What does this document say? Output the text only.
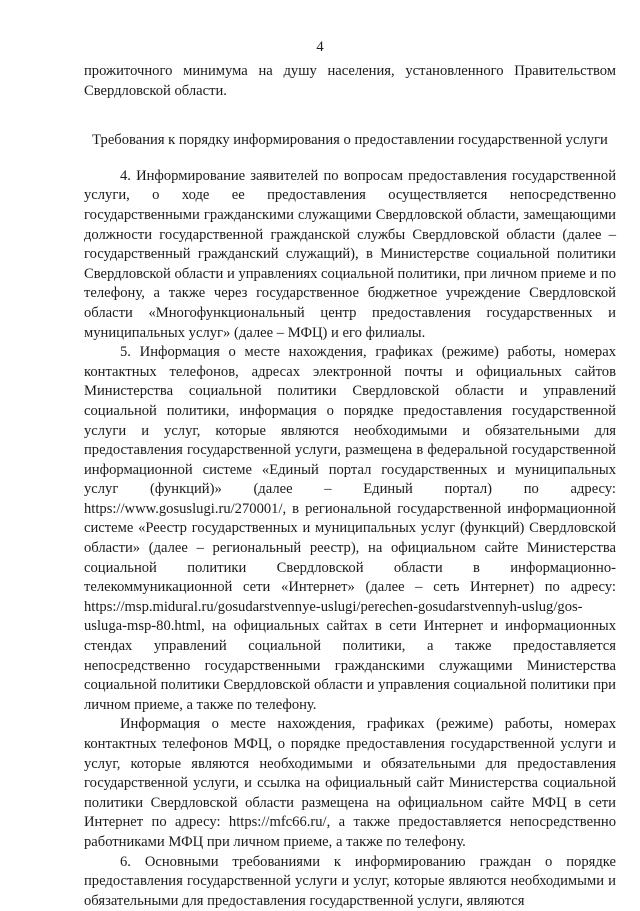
4

прожиточного минимума на душу населения, установленного Правительством Свердловской области.

Требования к порядку информирования о предоставлении государственной услуги

4. Информирование заявителей по вопросам предоставления государственной услуги, о ходе ее предоставления осуществляется непосредственно государственными гражданскими служащими Свердловской области, замещающими должности государственной гражданской службы Свердловской области (далее – государственный гражданский служащий), в Министерстве социальной политики Свердловской области и управлениях социальной политики, при личном приеме и по телефону, а также через государственное бюджетное учреждение Свердловской области «Многофункциональный центр предоставления государственных и муниципальных услуг» (далее – МФЦ) и его филиалы.

5. Информация о месте нахождения, графиках (режиме) работы, номерах контактных телефонов, адресах электронной почты и официальных сайтов Министерства социальной политики Свердловской области и управлений социальной политики, информация о порядке предоставления государственной услуги и услуг, которые являются необходимыми и обязательными для предоставления государственной услуги, размещена в федеральной государственной информационной системе «Единый портал государственных и муниципальных услуг (функций)» (далее – Единый портал) по адресу: https://www.gosuslugi.ru/270001/, в региональной государственной информационной системе «Реестр государственных и муниципальных услуг (функций) Свердловской области» (далее – региональный реестр), на официальном сайте Министерства социальной политики Свердловской области в информационно-телекоммуникационной сети «Интернет» (далее – сеть Интернет) по адресу: https://msp.midural.ru/gosudarstvennye-uslugi/perechen-gosudarstvennyh-uslug/gos-usluga-msp-80.html, на официальных сайтах в сети Интернет и информационных стендах управлений социальной политики, а также предоставляется непосредственно государственными гражданскими служащими Министерства социальной политики Свердловской области и управления социальной политики при личном приеме, а также по телефону.

Информация о месте нахождения, графиках (режиме) работы, номерах контактных телефонов МФЦ, о порядке предоставления государственной услуги и услуг, которые являются необходимыми и обязательными для предоставления государственной услуги, и ссылка на официальный сайт Министерства социальной политики Свердловской области размещена на официальном сайте МФЦ в сети Интернет по адресу: https://mfc66.ru/, а также предоставляется непосредственно работниками МФЦ при личном приеме, а также по телефону.

6. Основными требованиями к информированию граждан о порядке предоставления государственной услуги и услуг, которые являются необходимыми и обязательными для предоставления государственной услуги, являются
